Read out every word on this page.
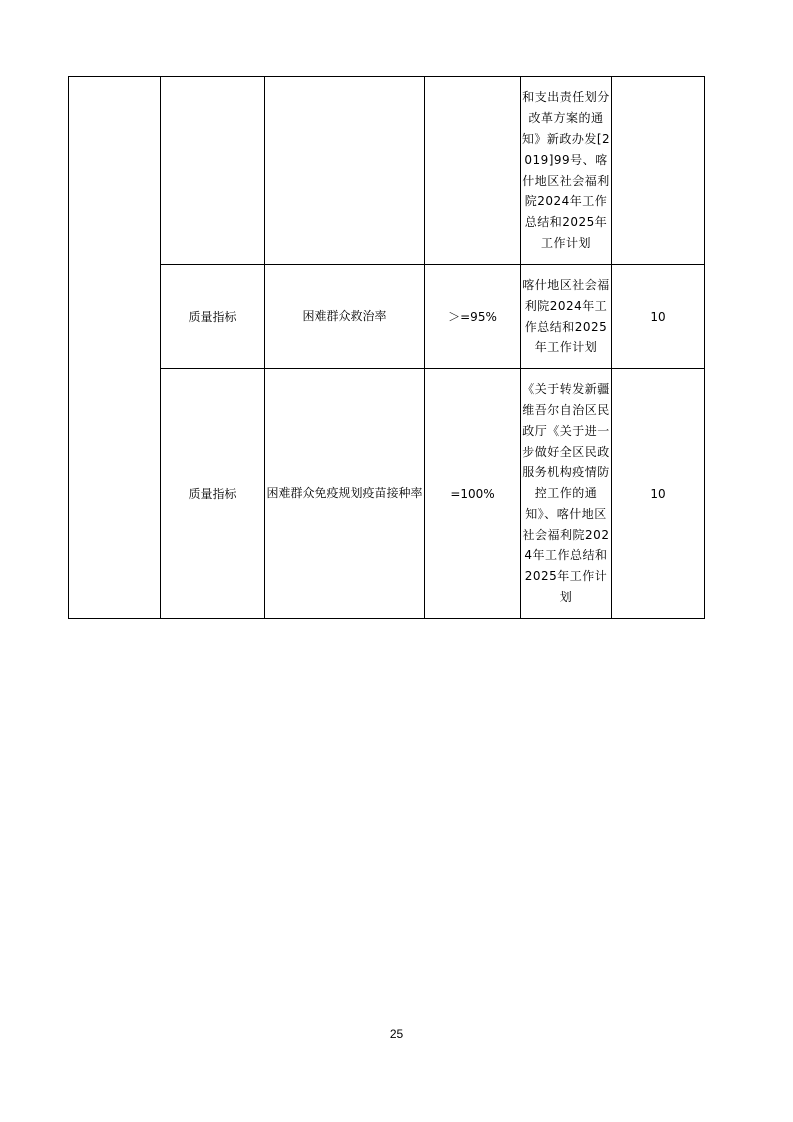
				和支出责任划分改革方案的通知》新政办发[2019]99号、喀什地区社会福利院2024年工作总结和2025年工作计划	

	质量指标	困难群众救治率	＞=95%	喀什地区社会福利院2024年工作总结和2025年工作计划	10
	质量指标	困难群众免疫规划疫苗接种率	=100%	《关于转发新疆维吾尔自治区民政厅《关于进一步做好全区民政服务机构疫情防控工作的通知》、喀什地区社会福利院2024年工作总结和2025年工作计划	10
25
